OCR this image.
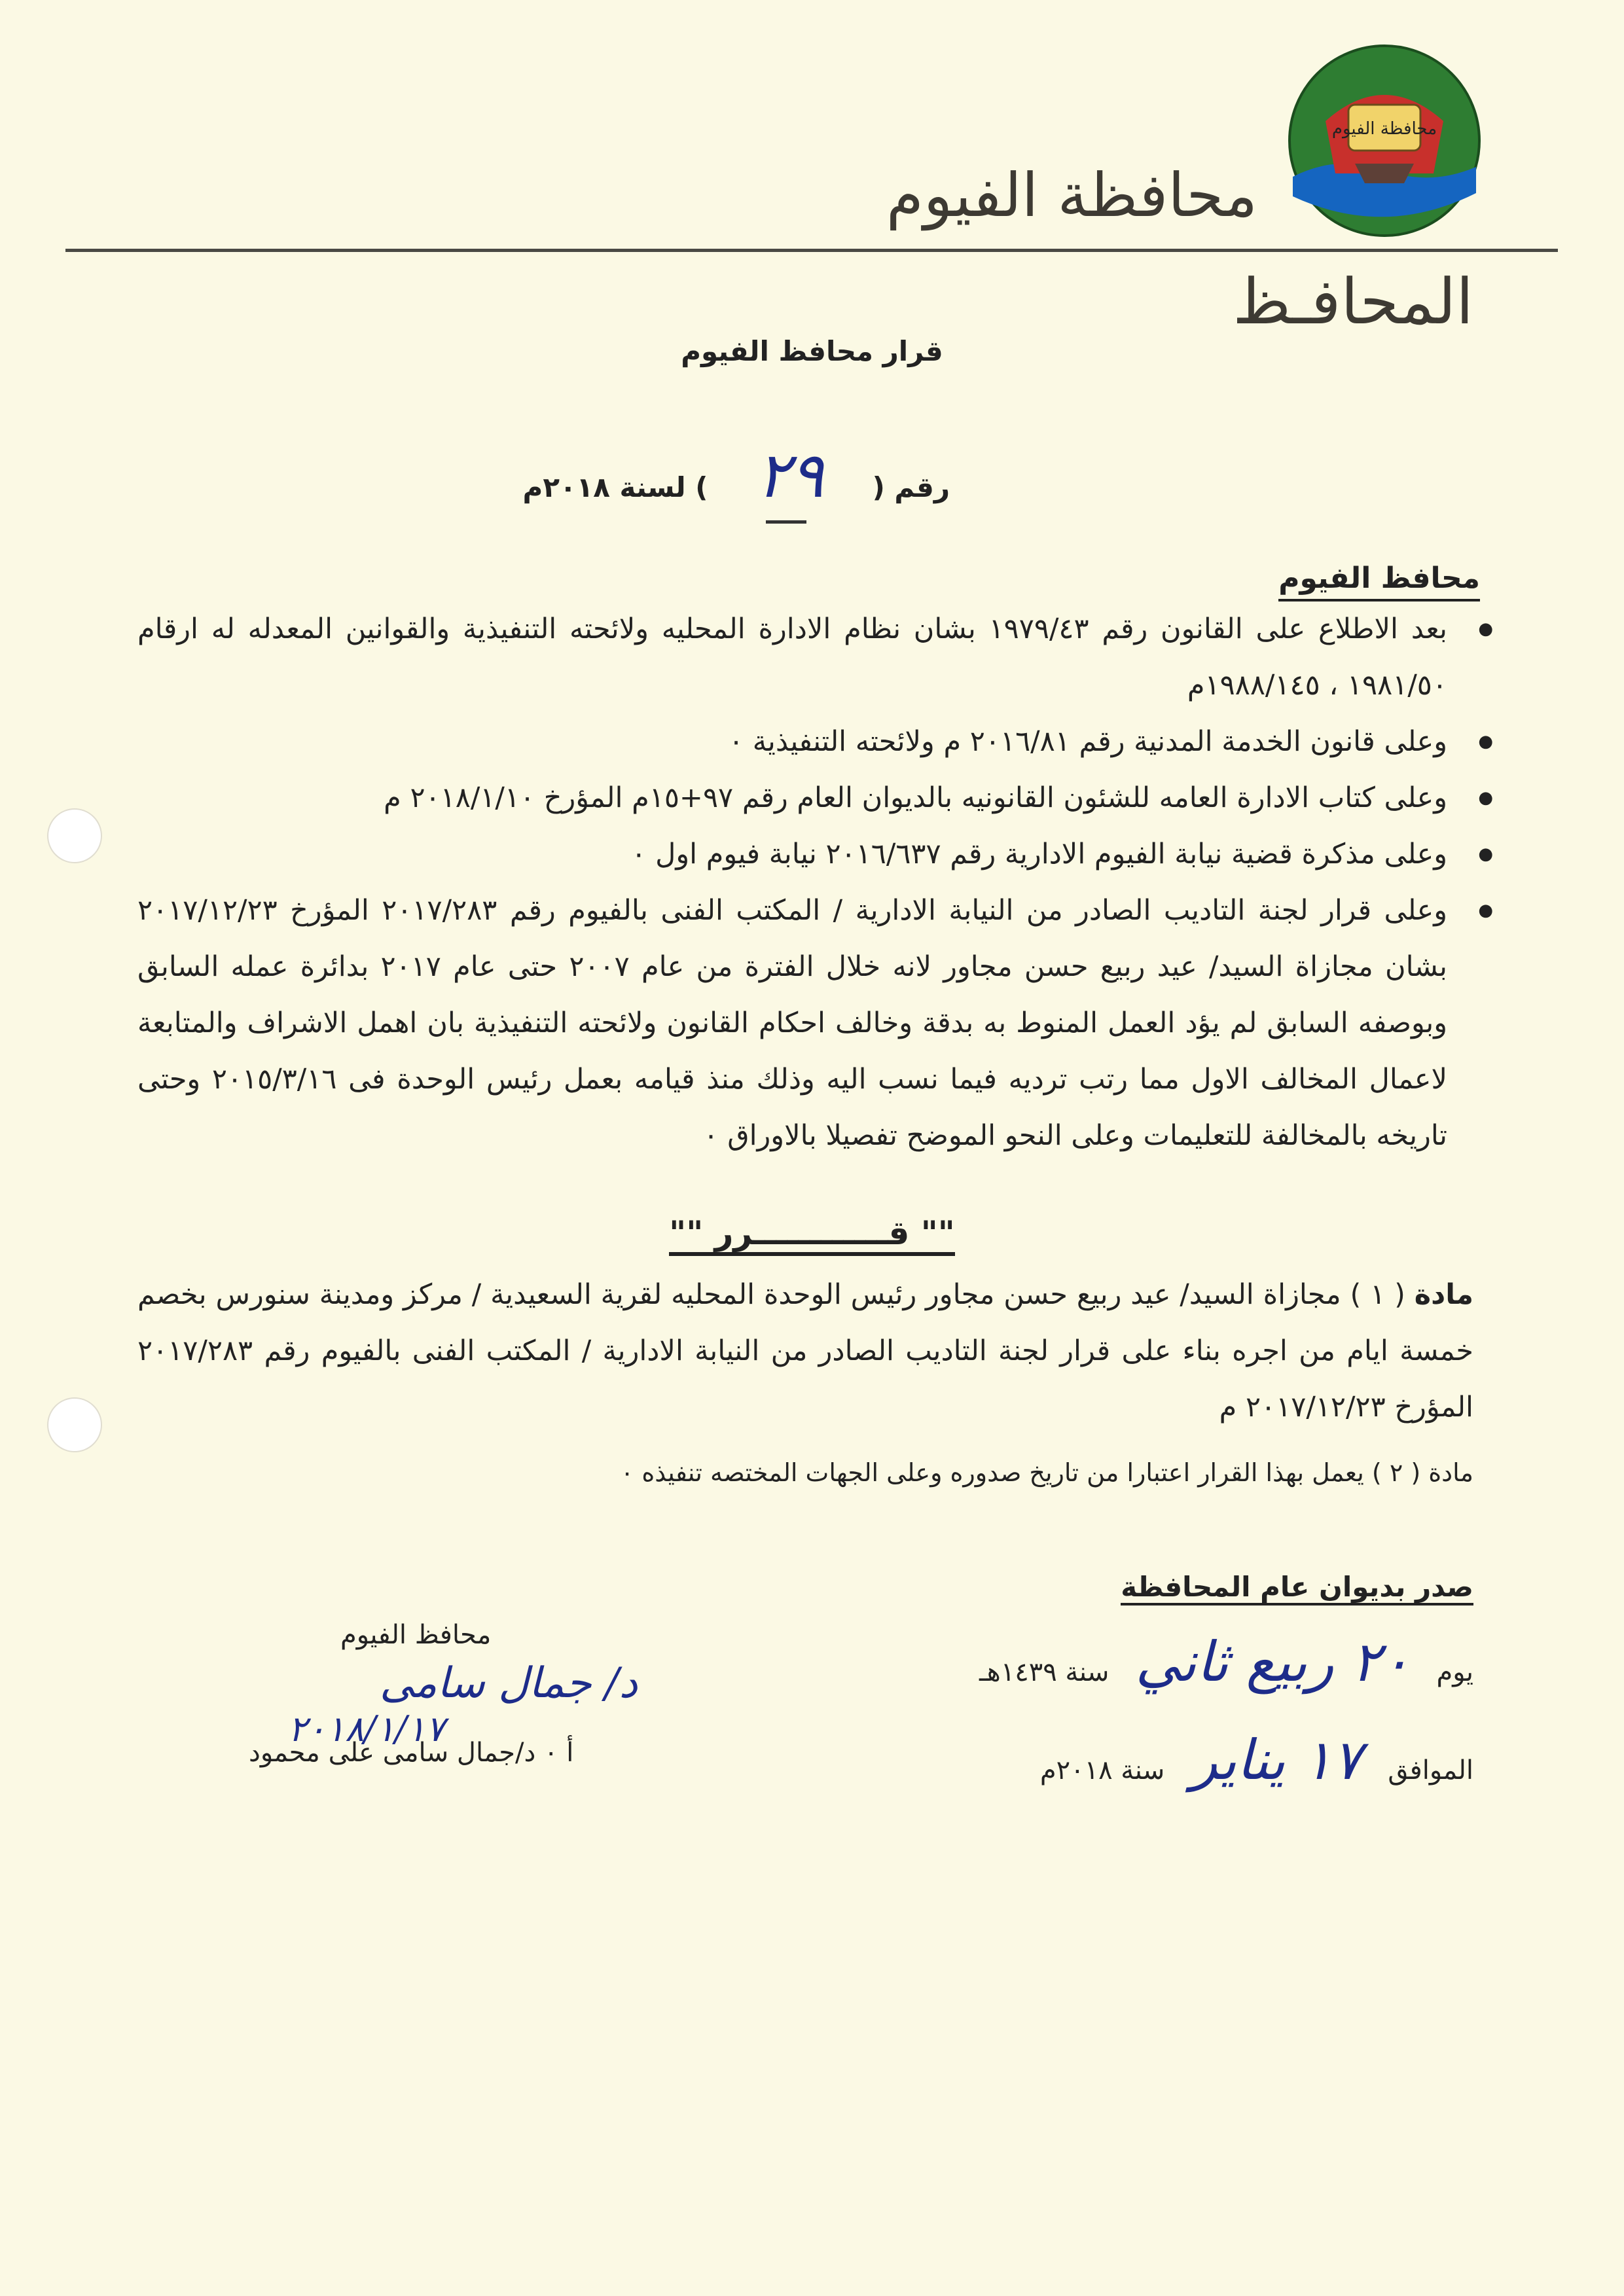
محافظة الفيوم
محافظة الفيوم
المحافـظ
قرار محافظ الفيوم
رقم (
٢٩
) لسنة ٢٠١٨م
محافظ الفيوم
● بعد الاطلاع على القانون رقم ١٩٧٩/٤٣ بشان نظام الادارة المحليه ولائحته التنفيذية والقوانين المعدله له ارقام ١٩٨١/٥٠ ، ١٩٨٨/١٤٥م
● وعلى قانون الخدمة المدنية رقم ٢٠١٦/٨١ م ولائحته التنفيذية ٠
● وعلى كتاب الادارة العامه للشئون القانونيه بالديوان العام رقم ٩٧+١٥م المؤرخ ٢٠١٨/١/١٠ م
● وعلى مذكرة قضية نيابة الفيوم الادارية رقم ٢٠١٦/٦٣٧ نيابة فيوم اول ٠
● وعلى قرار لجنة التاديب الصادر من النيابة الادارية / المكتب الفنى بالفيوم رقم ٢٠١٧/٢٨٣ المؤرخ ٢٠١٧/١٢/٢٣ بشان مجازاة السيد/ عيد ربيع حسن مجاور لانه خلال الفترة من عام ٢٠٠٧ حتى عام ٢٠١٧ بدائرة عمله السابق وبوصفه السابق لم يؤد العمل المنوط به بدقة وخالف احكام القانون ولائحته التنفيذية بان اهمل الاشراف والمتابعة لاعمال المخالف الاول مما رتب ترديه فيما نسب اليه وذلك منذ قيامه بعمل رئيس الوحدة فى ٢٠١٥/٣/١٦ وحتى تاريخه بالمخالفة للتعليمات وعلى النحو الموضح تفصيلا بالاوراق ٠
"" قــــــــــــرر ""
مادة ( ١ ) مجازاة السيد/ عيد ربيع حسن مجاور رئيس الوحدة المحليه لقرية السعيدية / مركز ومدينة سنورس بخصم خمسة ايام من اجره بناء على قرار لجنة التاديب الصادر من النيابة الادارية / المكتب الفنى بالفيوم رقم ٢٠١٧/٢٨٣ المؤرخ ٢٠١٧/١٢/٢٣ م
مادة ( ٢ ) يعمل بهذا القرار اعتبارا من تاريخ صدوره وعلى الجهات المختصه تنفيذه ٠
صدر بديوان عام المحافظة
يوم
٢٠ ربيع ثاني
سنة ١٤٣٩هـ
الموافق
١٧ يناير
سنة ٢٠١٨م
محافظ الفيوم
د/ جمال سامى
٢٠١٨/١/١٧
أ ٠ د/جمال سامى على محمود
